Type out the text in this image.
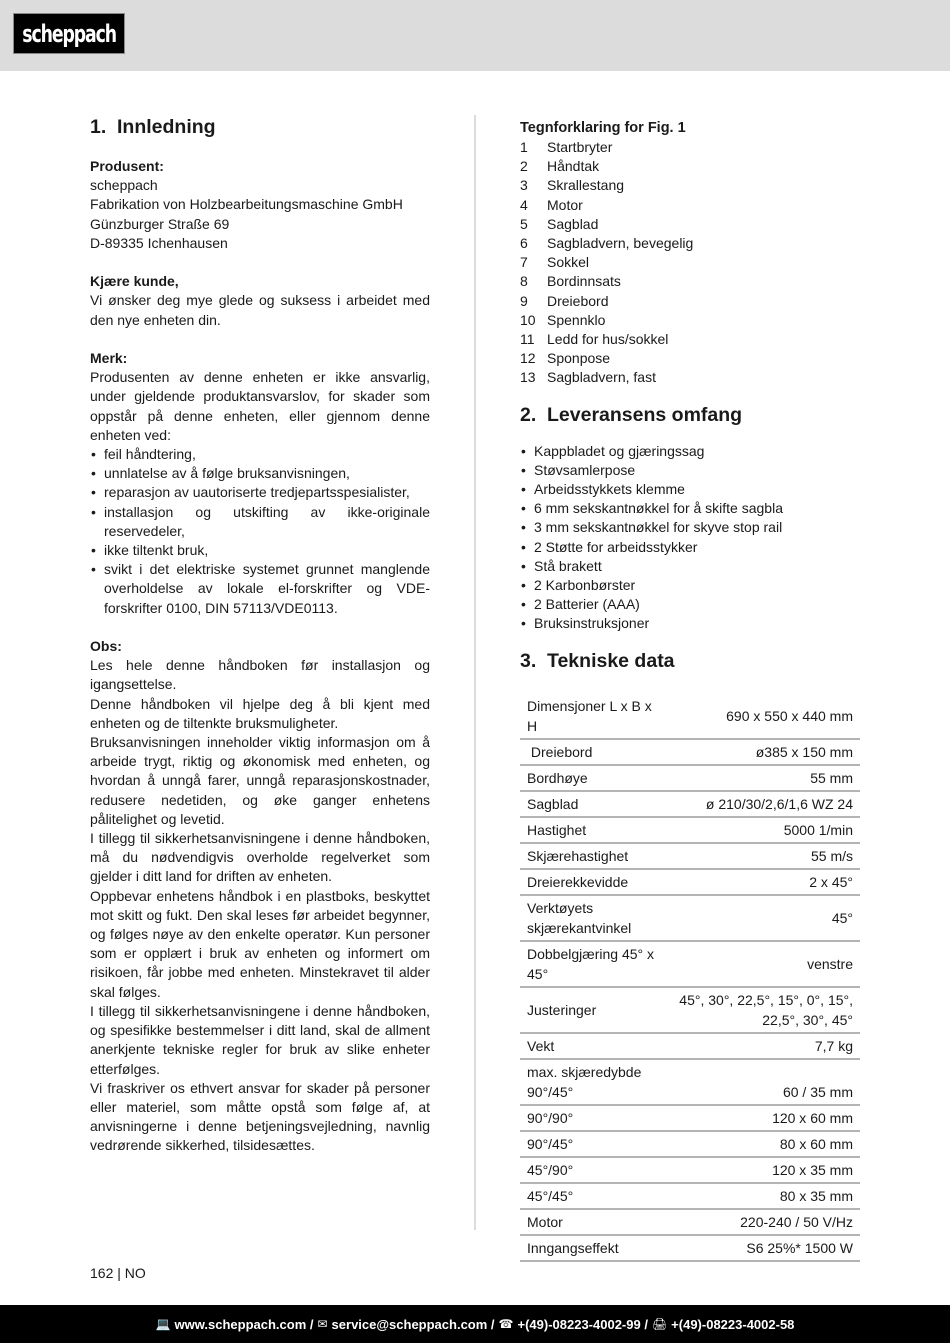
scheppach
1. Innledning

Produsent:

scheppach

Fabrikation von Holzbearbeitungsmaschine GmbH

Günzburger Straße 69

D-89335 Ichenhausen

Kjære kunde,

Vi ønsker deg mye glede og suksess i arbeidet med den nye enheten din.

Merk:

Produsenten av denne enheten er ikke ansvarlig, under gjeldende produktansvarslov, for skader som oppstår på denne enheten, eller gjennom denne enheten ved:

• feil håndtering,
• unnlatelse av å følge bruksanvisningen,
• reparasjon av uautoriserte tredjepartsspesialister,
• installasjon og utskifting av ikke-originale reservedeler,
• ikke tiltenkt bruk,
• svikt i det elektriske systemet grunnet manglende overholdelse av lokale el-forskrifter og VDE-forskrifter 0100, DIN 57113/VDE0113.

Obs:

Les hele denne håndboken før installasjon og igangsettelse.

Denne håndboken vil hjelpe deg å bli kjent med enheten og de tiltenkte bruksmuligheter.

Bruksanvisningen inneholder viktig informasjon om å arbeide trygt, riktig og økonomisk med enheten, og hvordan å unngå farer, unngå reparasjonskostnader, redusere nedetiden, og øke ganger enhetens pålitelighet og levetid.

I tillegg til sikkerhetsanvisningene i denne håndboken, må du nødvendigvis overholde regelverket som gjelder i ditt land for driften av enheten.

Oppbevar enhetens håndbok i en plastboks, beskyttet mot skitt og fukt. Den skal leses før arbeidet begynner, og følges nøye av den enkelte operatør. Kun personer som er opplært i bruk av enheten og informert om risikoen, får jobbe med enheten. Minstekravet til alder skal følges.

I tillegg til sikkerhetsanvisningene i denne håndboken, og spesifikke bestemmelser i ditt land, skal de allment anerkjente tekniske regler for bruk av slike enheter etterfølges.

Vi fraskriver os ethvert ansvar for skader på personer eller materiel, som måtte opstå som følge af, at anvisningerne i denne betjeningsvejledning, navnlig vedrørende sikkerhed, tilsidesættes.

Tegnforklaring for Fig. 1

1	Startbryter
2	Håndtak
3	Skrallestang
4	Motor
5	Sagblad
6	Sagbladvern, bevegelig
7	Sokkel
8	Bordinnsats
9	Dreiebord
10 Spennklo
11 Ledd for hus/sokkel
12 Sponpose
13 Sagbladvern, fast
2. Leveransens omfang
• Kappbladet og gjæringssag
• Støvsamlerpose
• Arbeidsstykkets klemme
• 6 mm sekskantnøkkel for å skifte sagbla
• 3 mm sekskantnøkkel for skyve stop rail
• 2 Støtte for arbeidsstykker
• Stå brakett
• 2 Karbonbørster
• 2 Batterier (AAA)
• Bruksinstruksjoner
3. Tekniske data
Dimensjoner L x B x H	690 x 550 x 440 mm
Dreiebord	ø385 x 150 mm
Bordhøye	55 mm
Sagblad	ø 210/30/2,6/1,6 WZ 24
Hastighet	5000 1/min
Skjærehastighet	55 m/s
Dreierekkevidde	2 x 45°
Verktøyets skjærekantvinkel	45°
Dobbelgjæring 45° x 45°	venstre
Justeringer	45°, 30°, 22,5°, 15°, 0°, 15°, 22,5°, 30°, 45°
Vekt	7,7 kg
max. skjæredybde 90°/45°	60 / 35 mm
90°/90°	120 x 60 mm
90°/45°	80 x 60 mm
45°/90°	120 x 35 mm
45°/45°	80 x 35 mm
Motor	220-240 / 50 V/Hz
Inngangseffekt	S6 25%* 1500 W
162 | NO
💻 www.scheppach.com / ✉ service@scheppach.com / ☎ +(49)-08223-4002-99 / 🖨 +(49)-08223-4002-58
